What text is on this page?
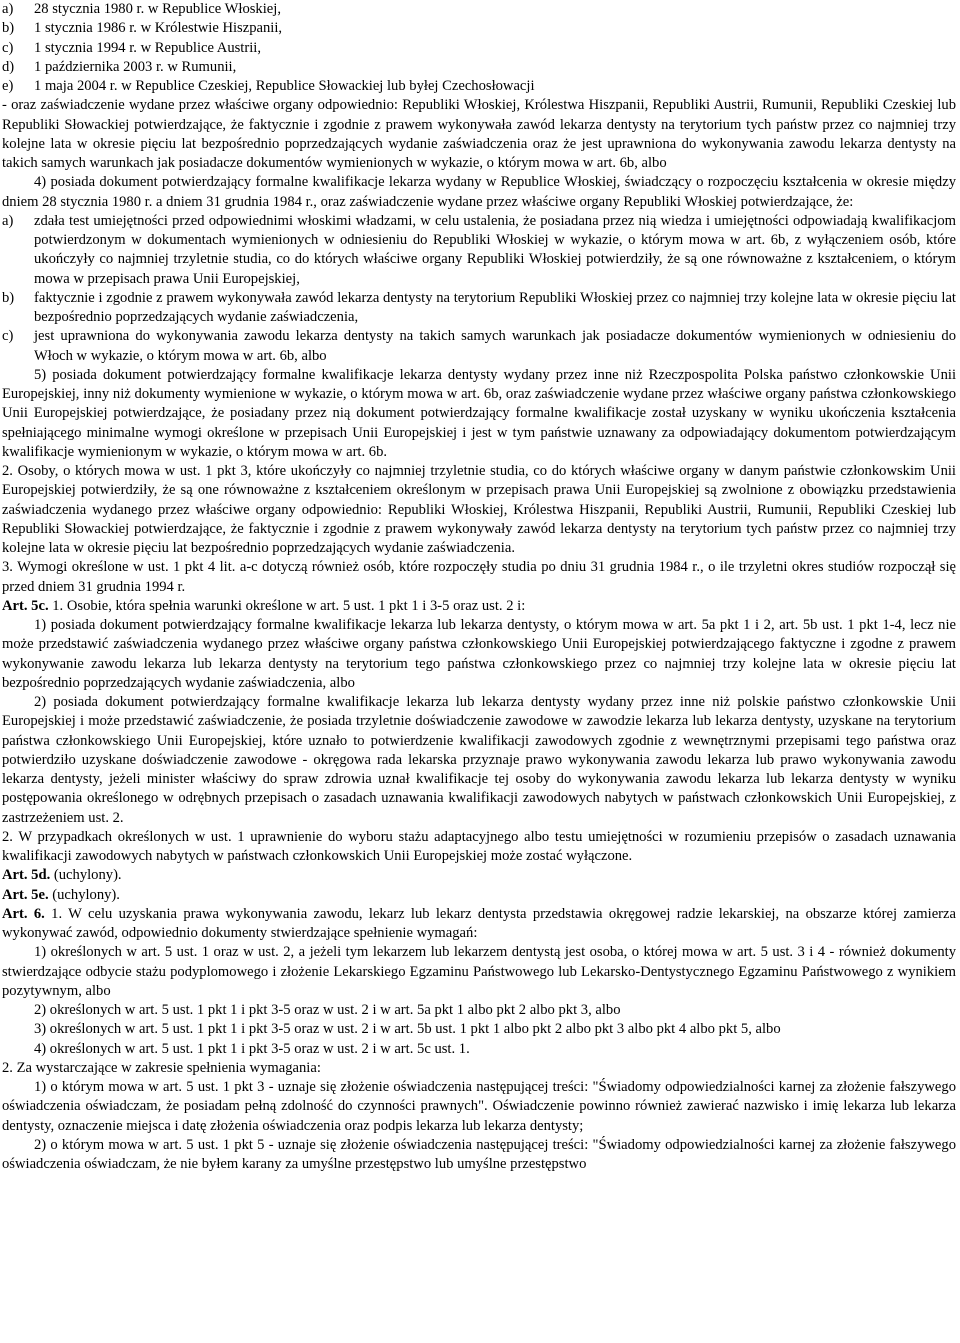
a)	28 stycznia 1980 r. w Republice Włoskiej,
b)	1 stycznia 1986 r. w Królestwie Hiszpanii,
c)	1 stycznia 1994 r. w Republice Austrii,
d)	1 października 2003 r. w Rumunii,
e)	1 maja 2004 r. w Republice Czeskiej, Republice Słowackiej lub byłej Czechosłowacji

- oraz zaświadczenie wydane przez właściwe organy odpowiednio: Republiki Włoskiej, Królestwa Hiszpanii, Republiki Austrii, Rumunii, Republiki Czeskiej lub Republiki Słowackiej potwierdzające, że faktycznie i zgodnie z prawem wykonywała zawód lekarza dentysty na terytorium tych państw przez co najmniej trzy kolejne lata w okresie pięciu lat bezpośrednio poprzedzających wydanie zaświadczenia oraz że jest uprawniona do wykonywania zawodu lekarza dentysty na takich samych warunkach jak posiadacze dokumentów wymienionych w wykazie, o którym mowa w art. 6b, albo

4) posiada dokument potwierdzający formalne kwalifikacje lekarza wydany w Republice Włoskiej, świadczący o rozpoczęciu kształcenia w okresie między dniem 28 stycznia 1980 r. a dniem 31 grudnia 1984 r., oraz zaświadczenie wydane przez właściwe organy Republiki Włoskiej potwierdzające, że:

a)	zdała test umiejętności przed odpowiednimi włoskimi władzami, w celu ustalenia, że posiadana przez nią wiedza i umiejętności odpowiadają kwalifikacjom potwierdzonym w dokumentach wymienionych w odniesieniu do Republiki Włoskiej w wykazie, o którym mowa w art. 6b, z wyłączeniem osób, które ukończyły co najmniej trzyletnie studia, co do których właściwe organy Republiki Włoskiej potwierdziły, że są one równoważne z kształceniem, o którym mowa w przepisach prawa Unii Europejskiej,
b)	faktycznie i zgodnie z prawem wykonywała zawód lekarza dentysty na terytorium Republiki Włoskiej przez co najmniej trzy kolejne lata w okresie pięciu lat bezpośrednio poprzedzających wydanie zaświadczenia,
c)	jest uprawniona do wykonywania zawodu lekarza dentysty na takich samych warunkach jak posiadacze dokumentów wymienionych w odniesieniu do Włoch w wykazie, o którym mowa w art. 6b, albo

5) posiada dokument potwierdzający formalne kwalifikacje lekarza dentysty wydany przez inne niż Rzeczpospolita Polska państwo członkowskie Unii Europejskiej, inny niż dokumenty wymienione w wykazie, o którym mowa w art. 6b, oraz zaświadczenie wydane przez właściwe organy państwa członkowskiego Unii Europejskiej potwierdzające, że posiadany przez nią dokument potwierdzający formalne kwalifikacje został uzyskany w wyniku ukończenia kształcenia spełniającego minimalne wymogi określone w przepisach Unii Europejskiej i jest w tym państwie uznawany za odpowiadający dokumentom potwierdzającym kwalifikacje wymienionym w wykazie, o którym mowa w art. 6b.

2. Osoby, o których mowa w ust. 1 pkt 3, które ukończyły co najmniej trzyletnie studia, co do których właściwe organy w danym państwie członkowskim Unii Europejskiej potwierdziły, że są one równoważne z kształceniem określonym w przepisach prawa Unii Europejskiej są zwolnione z obowiązku przedstawienia zaświadczenia wydanego przez właściwe organy odpowiednio: Republiki Włoskiej, Królestwa Hiszpanii, Republiki Austrii, Rumunii, Republiki Czeskiej lub Republiki Słowackiej potwierdzające, że faktycznie i zgodnie z prawem wykonywały zawód lekarza dentysty na terytorium tych państw przez co najmniej trzy kolejne lata w okresie pięciu lat bezpośrednio poprzedzających wydanie zaświadczenia.

3. Wymogi określone w ust. 1 pkt 4 lit. a-c dotyczą również osób, które rozpoczęły studia po dniu 31 grudnia 1984 r., o ile trzyletni okres studiów rozpoczął się przed dniem 31 grudnia 1994 r.

Art. 5c. 1. Osobie, która spełnia warunki określone w art. 5 ust. 1 pkt 1 i 3-5 oraz ust. 2 i:

1) posiada dokument potwierdzający formalne kwalifikacje lekarza lub lekarza dentysty, o którym mowa w art. 5a pkt 1 i 2, art. 5b ust. 1 pkt 1-4, lecz nie może przedstawić zaświadczenia wydanego przez właściwe organy państwa członkowskiego Unii Europejskiej potwierdzającego faktyczne i zgodne z prawem wykonywanie zawodu lekarza lub lekarza dentysty na terytorium tego państwa członkowskiego przez co najmniej trzy kolejne lata w okresie pięciu lat bezpośrednio poprzedzających wydanie zaświadczenia, albo

2) posiada dokument potwierdzający formalne kwalifikacje lekarza lub lekarza dentysty wydany przez inne niż polskie państwo członkowskie Unii Europejskiej i może przedstawić zaświadczenie, że posiada trzyletnie doświadczenie zawodowe w zawodzie lekarza lub lekarza dentysty, uzyskane na terytorium państwa członkowskiego Unii Europejskiej, które uznało to potwierdzenie kwalifikacji zawodowych zgodnie z wewnętrznymi przepisami tego państwa oraz potwierdziło uzyskane doświadczenie zawodowe - okręgowa rada lekarska przyznaje prawo wykonywania zawodu lekarza lub prawo wykonywania zawodu lekarza dentysty, jeżeli minister właściwy do spraw zdrowia uznał kwalifikacje tej osoby do wykonywania zawodu lekarza lub lekarza dentysty w wyniku postępowania określonego w odrębnych przepisach o zasadach uznawania kwalifikacji zawodowych nabytych w państwach członkowskich Unii Europejskiej, z zastrzeżeniem ust. 2.

2. W przypadkach określonych w ust. 1 uprawnienie do wyboru stażu adaptacyjnego albo testu umiejętności w rozumieniu przepisów o zasadach uznawania kwalifikacji zawodowych nabytych w państwach członkowskich Unii Europejskiej może zostać wyłączone.

Art. 5d. (uchylony).

Art. 5e. (uchylony).

Art. 6. 1. W celu uzyskania prawa wykonywania zawodu, lekarz lub lekarz dentysta przedstawia okręgowej radzie lekarskiej, na obszarze której zamierza wykonywać zawód, odpowiednio dokumenty stwierdzające spełnienie wymagań:

1) określonych w art. 5 ust. 1 oraz w ust. 2, a jeżeli tym lekarzem lub lekarzem dentystą jest osoba, o której mowa w art. 5 ust. 3 i 4 - również dokumenty stwierdzające odbycie stażu podyplomowego i złożenie Lekarskiego Egzaminu Państwowego lub Lekarsko-Dentystycznego Egzaminu Państwowego z wynikiem pozytywnym, albo

2) określonych w art. 5 ust. 1 pkt 1 i pkt 3-5 oraz w ust. 2 i w art. 5a pkt 1 albo pkt 2 albo pkt 3, albo

3) określonych w art. 5 ust. 1 pkt 1 i pkt 3-5 oraz w ust. 2 i w art. 5b ust. 1 pkt 1 albo pkt 2 albo pkt 3 albo pkt 4 albo pkt 5, albo

4) określonych w art. 5 ust. 1 pkt 1 i pkt 3-5 oraz w ust. 2 i w art. 5c ust. 1.

2. Za wystarczające w zakresie spełnienia wymagania:

1) o którym mowa w art. 5 ust. 1 pkt 3 - uznaje się złożenie oświadczenia następującej treści: "Świadomy odpowiedzialności karnej za złożenie fałszywego oświadczenia oświadczam, że posiadam pełną zdolność do czynności prawnych". Oświadczenie powinno również zawierać nazwisko i imię lekarza lub lekarza dentysty, oznaczenie miejsca i datę złożenia oświadczenia oraz podpis lekarza lub lekarza dentysty;

2) o którym mowa w art. 5 ust. 1 pkt 5 - uznaje się złożenie oświadczenia następującej treści: "Świadomy odpowiedzialności karnej za złożenie fałszywego oświadczenia oświadczam, że nie byłem karany za umyślne przestępstwo lub umyślne przestępstwo
